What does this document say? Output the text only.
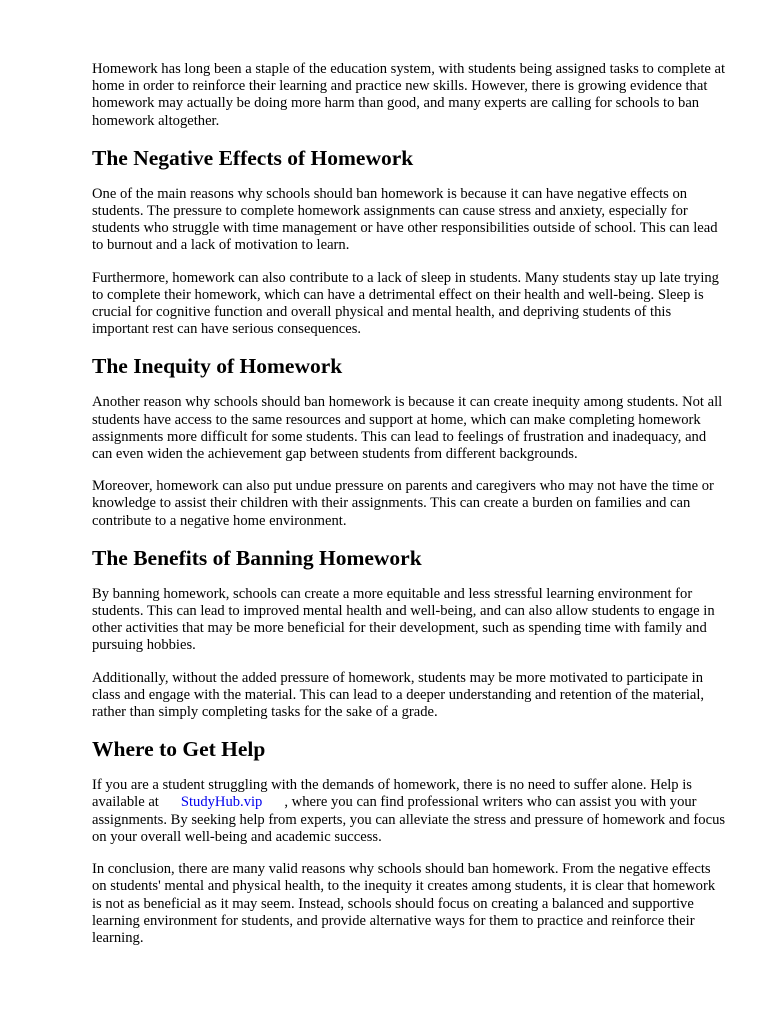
Homework has long been a staple of the education system, with students being assigned tasks to complete at home in order to reinforce their learning and practice new skills. However, there is growing evidence that homework may actually be doing more harm than good, and many experts are calling for schools to ban homework altogether.

The Negative Effects of Homework

One of the main reasons why schools should ban homework is because it can have negative effects on students. The pressure to complete homework assignments can cause stress and anxiety, especially for students who struggle with time management or have other responsibilities outside of school. This can lead to burnout and a lack of motivation to learn.

Furthermore, homework can also contribute to a lack of sleep in students. Many students stay up late trying to complete their homework, which can have a detrimental effect on their health and well-being. Sleep is crucial for cognitive function and overall physical and mental health, and depriving students of this important rest can have serious consequences.

The Inequity of Homework

Another reason why schools should ban homework is because it can create inequity among students. Not all students have access to the same resources and support at home, which can make completing homework assignments more difficult for some students. This can lead to feelings of frustration and inadequacy, and can even widen the achievement gap between students from different backgrounds.

Moreover, homework can also put undue pressure on parents and caregivers who may not have the time or knowledge to assist their children with their assignments. This can create a burden on families and can contribute to a negative home environment.

The Benefits of Banning Homework

By banning homework, schools can create a more equitable and less stressful learning environment for students. This can lead to improved mental health and well-being, and can also allow students to engage in other activities that may be more beneficial for their development, such as spending time with family and pursuing hobbies.

Additionally, without the added pressure of homework, students may be more motivated to participate in class and engage with the material. This can lead to a deeper understanding and retention of the material, rather than simply completing tasks for the sake of a grade.

Where to Get Help

If you are a student struggling with the demands of homework, there is no need to suffer alone. Help is available at StudyHub.vip , where you can find professional writers who can assist you with your assignments. By seeking help from experts, you can alleviate the stress and pressure of homework and focus on your overall well-being and academic success.

In conclusion, there are many valid reasons why schools should ban homework. From the negative effects on students' mental and physical health, to the inequity it creates among students, it is clear that homework is not as beneficial as it may seem. Instead, schools should focus on creating a balanced and supportive learning environment for students, and provide alternative ways for them to practice and reinforce their learning.
